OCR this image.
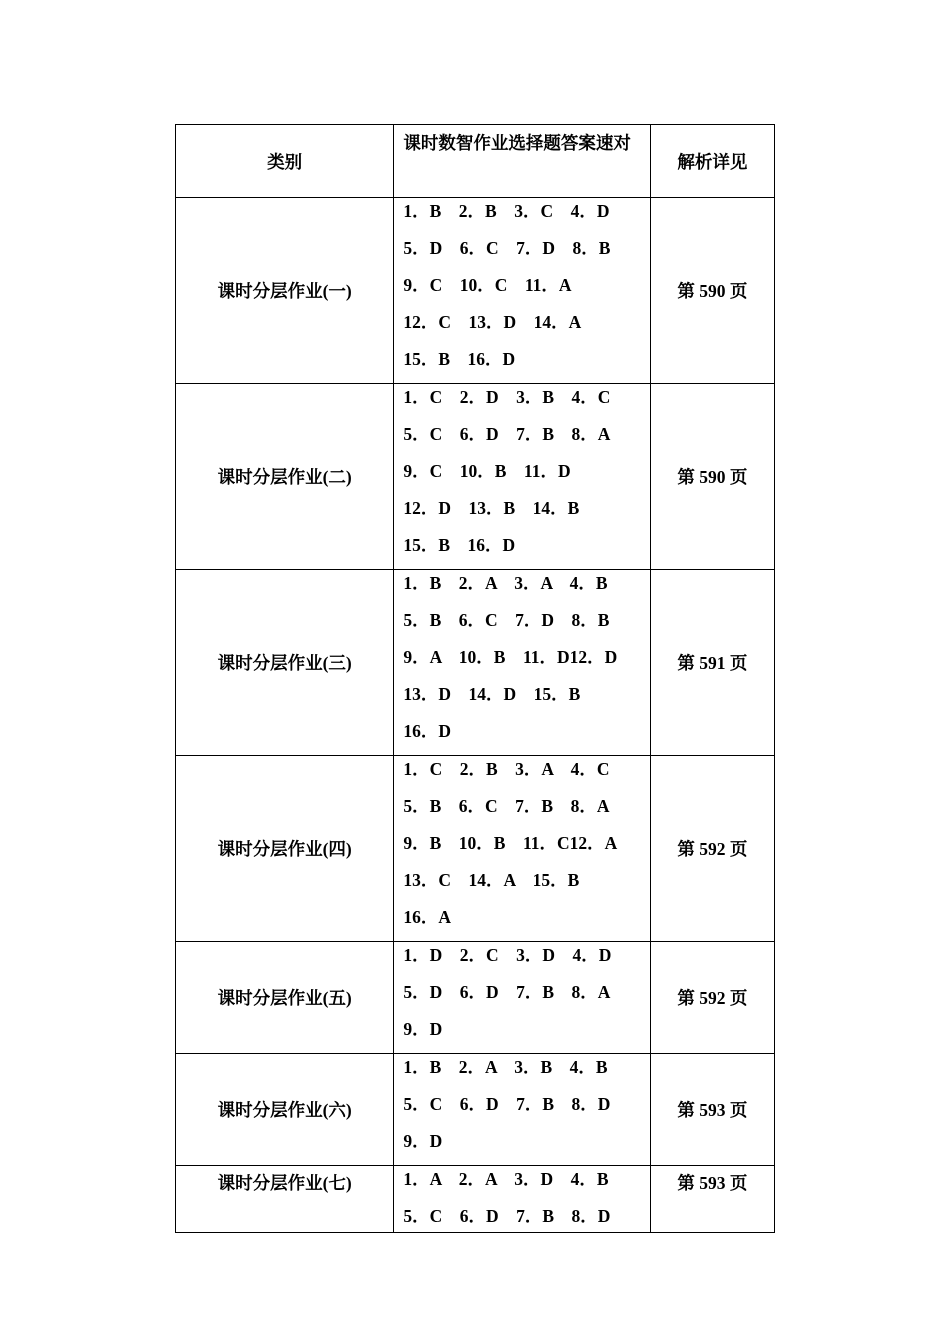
类别	课时数智作业选择题答案速对	解析详见
课时分层作业(一)	1．B　2．B　3．C　4．D
5．D　6．C　7．D　8．B
9．C　10．C　11．A
12．C　13．D　14．A
15．B　16．D	第 590 页
课时分层作业(二)	1．C　2．D　3．B　4．C
5．C　6．D　7．B　8．A
9．C　10．B　11．D
12．D　13．B　14．B
15．B　16．D	第 590 页
课时分层作业(三)	1．B　2．A　3．A　4．B
5．B　6．C　7．D　8．B
9．A　10．B　11．D12．D
13．D　14．D　15．B
16．D	第 591 页
课时分层作业(四)	1．C　2．B　3．A　4．C
5．B　6．C　7．B　8．A
9．B　10．B　11．C12．A
13．C　14．A　15．B
16．A	第 592 页
课时分层作业(五)	1．D　2．C　3．D　4．D
5．D　6．D　7．B　8．A
9．D	第 592 页
课时分层作业(六)	1．B　2．A　3．B　4．B
5．C　6．D　7．B　8．D
9．D	第 593 页
课时分层作业(七)	1．A　2．A　3．D　4．B
5．C　6．D　7．B　8．D	第 593 页
